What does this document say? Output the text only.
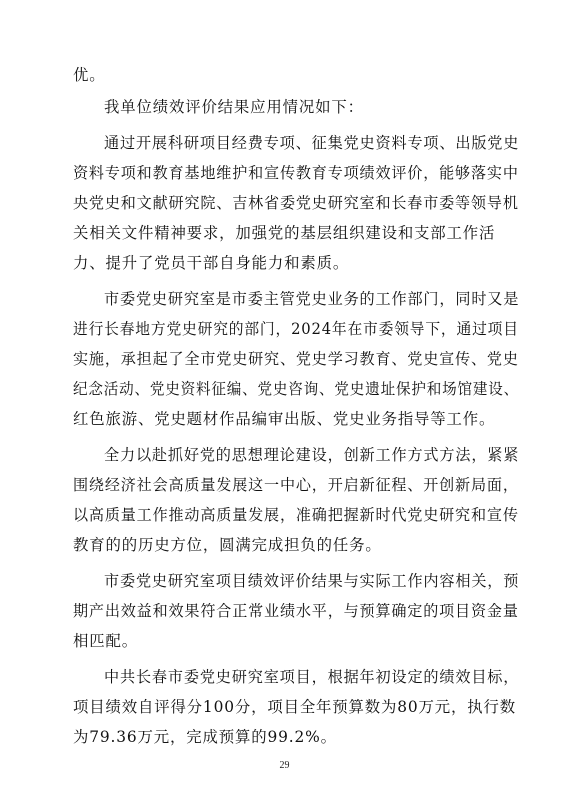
优。
我单位绩效评价结果应用情况如下：
通过开展科研项目经费专项、征集党史资料专项、出版党史
资料专项和教育基地维护和宣传教育专项绩效评价，能够落实中
央党史和文献研究院、吉林省委党史研究室和长春市委等领导机
关相关文件精神要求，加强党的基层组织建设和支部工作活
力、提升了党员干部自身能力和素质。
市委党史研究室是市委主管党史业务的工作部门，同时又是
进行长春地方党史研究的部门，2024年在市委领导下，通过项目
实施，承担起了全市党史研究、党史学习教育、党史宣传、党史
纪念活动、党史资料征编、党史咨询、党史遗址保护和场馆建设、
红色旅游、党史题材作品编审出版、党史业务指导等工作。
全力以赴抓好党的思想理论建设，创新工作方式方法，紧紧
围绕经济社会高质量发展这一中心，开启新征程、开创新局面，
以高质量工作推动高质量发展，准确把握新时代党史研究和宣传
教育的的历史方位，圆满完成担负的任务。
市委党史研究室项目绩效评价结果与实际工作内容相关，预
期产出效益和效果符合正常业绩水平，与预算确定的项目资金量
相匹配。
中共长春市委党史研究室项目，根据年初设定的绩效目标，
项目绩效自评得分100分，项目全年预算数为80万元，执行数
为79.36万元，完成预算的99.2%。
29
